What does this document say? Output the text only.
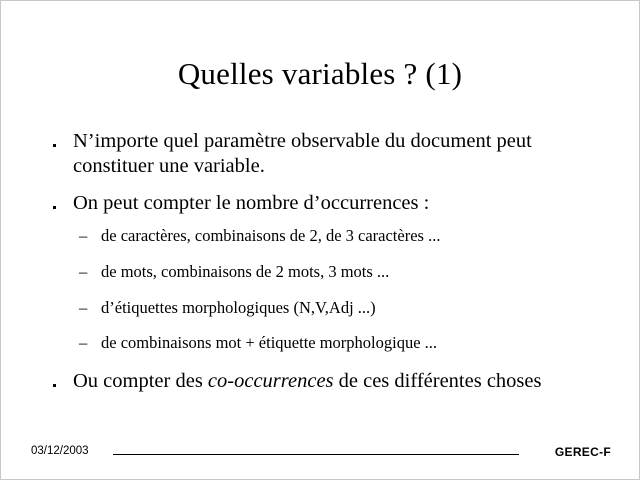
Quelles variables ? (1)
N’importe quel paramètre observable du document peut constituer une variable.
On peut compter le nombre d’occurrences :
– de caractères, combinaisons de 2, de 3 caractères ...
– de mots, combinaisons de 2 mots, 3 mots ...
– d’étiquettes morphologiques (N,V,Adj ...)
– de combinaisons mot + étiquette morphologique ...
Ou compter des co-occurrences de ces différentes choses
03/12/2003	GEREC-F
